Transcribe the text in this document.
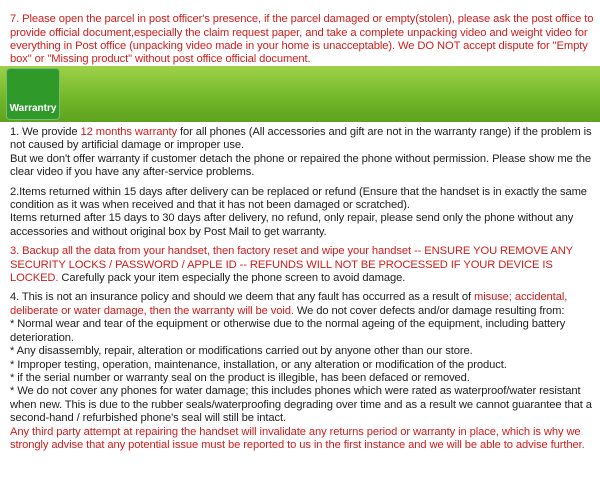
7. Please open the parcel in post officer's presence, if the parcel damaged or empty(stolen), please ask the post office to provide official document,especially the claim request paper, and take a complete unpacking video and weight video for everything in Post office (unpacking video made in your home is unacceptable). We DO NOT accept dispute for "Empty box" or "Missing product" without post office official document.

Warrantry

1. We provide 12 months warranty for all phones (All accessories and gift are not in the warranty range) if the problem is not caused by artificial damage or improper use.

But we don't offer warranty if customer detach the phone or repaired the phone without permission. Please show me the clear video if you have any after-service problems.

2.Items returned within 15 days after delivery can be replaced or refund (Ensure that the handset is in exactly the same condition as it was when received and that it has not been damaged or scratched).

Items returned after 15 days to 30 days after delivery, no refund, only repair, please send only the phone without any accessories and without original box by Post Mail to get warranty.

3. Backup all the data from your handset, then factory reset and wipe your handset -- ENSURE YOU REMOVE ANY SECURITY LOCKS / PASSWORD / APPLE ID -- REFUNDS WILL NOT BE PROCESSED IF YOUR DEVICE IS LOCKED. Carefully pack your item especially the phone screen to avoid damage.

4. This is not an insurance policy and should we deem that any fault has occurred as a result of misuse; accidental, deliberate or water damage, then the warranty will be void. We do not cover defects and/or damage resulting from:

* Normal wear and tear of the equipment or otherwise due to the normal ageing of the equipment, including battery deterioration.

* Any disassembly, repair, alteration or modifications carried out by anyone other than our store.

* Improper testing, operation, maintenance, installation, or any alteration or modification of the product.

* if the serial number or warranty seal on the product is illegible, has been defaced or removed.

* We do not cover any phones for water damage; this includes phones which were rated as waterproof/water resistant when new. This is due to the rubber seals/waterproofing degrading over time and as a result we cannot guarantee that a second-hand / refurbished phone's seal will still be intact.

Any third party attempt at repairing the handset will invalidate any returns period or warranty in place, which is why we strongly advise that any potential issue must be reported to us in the first instance and we will be able to advise further.
